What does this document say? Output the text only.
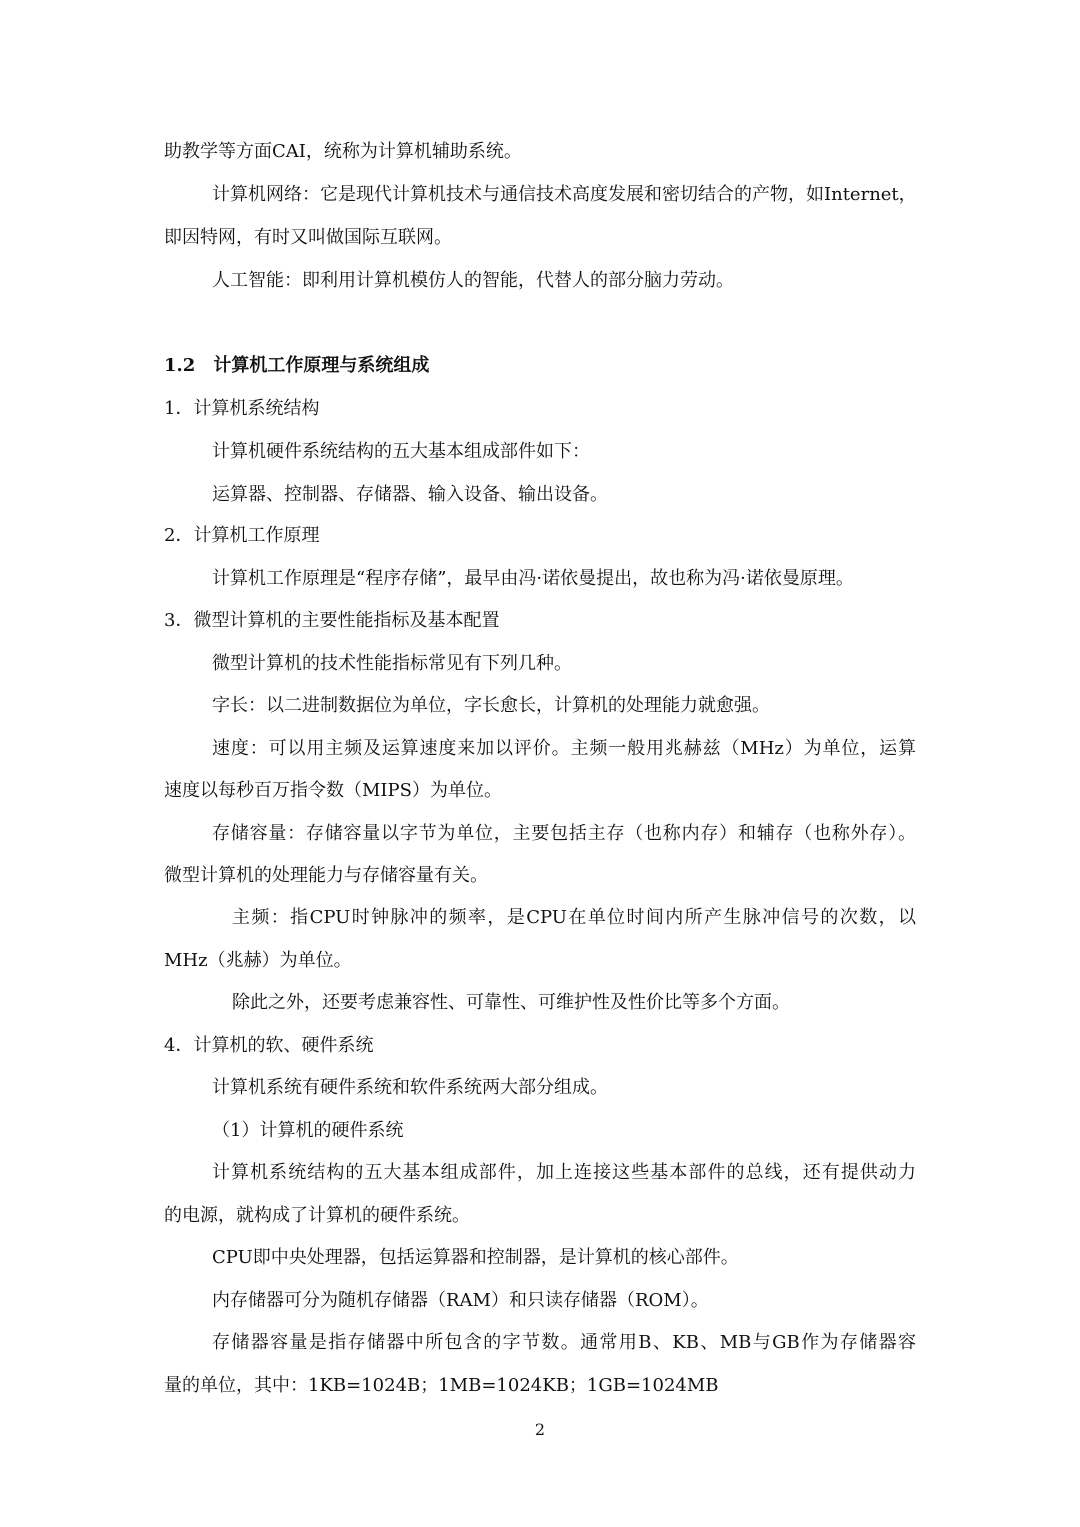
助教学等方面CAI，统称为计算机辅助系统。
计算机网络：它是现代计算机技术与通信技术高度发展和密切结合的产物，如Internet，
即因特网，有时又叫做国际互联网。
人工智能：即利用计算机模仿人的智能，代替人的部分脑力劳动。
1.2　计算机工作原理与系统组成
1．计算机系统结构
计算机硬件系统结构的五大基本组成部件如下：
运算器、控制器、存储器、输入设备、输出设备。
2．计算机工作原理
计算机工作原理是“程序存储”，最早由冯·诺依曼提出，故也称为冯·诺依曼原理。
3．微型计算机的主要性能指标及基本配置
微型计算机的技术性能指标常见有下列几种。
字长：以二进制数据位为单位，字长愈长，计算机的处理能力就愈强。
速度：可以用主频及运算速度来加以评价。主频一般用兆赫兹（MHz）为单位，运算
速度以每秒百万指令数（MIPS）为单位。
存储容量：存储容量以字节为单位，主要包括主存（也称内存）和辅存（也称外存）。
微型计算机的处理能力与存储容量有关。
主频：指CPU时钟脉冲的频率，是CPU在单位时间内所产生脉冲信号的次数，以
MHz（兆赫）为单位。
除此之外，还要考虑兼容性、可靠性、可维护性及性价比等多个方面。
4．计算机的软、硬件系统
计算机系统有硬件系统和软件系统两大部分组成。
（1）计算机的硬件系统
计算机系统结构的五大基本组成部件，加上连接这些基本部件的总线，还有提供动力
的电源，就构成了计算机的硬件系统。
CPU即中央处理器，包括运算器和控制器，是计算机的核心部件。
内存储器可分为随机存储器（RAM）和只读存储器（ROM）。
存储器容量是指存储器中所包含的字节数。通常用B、KB、MB与GB作为存储器容
量的单位，其中：1KB=1024B；1MB=1024KB；1GB=1024MB
2
